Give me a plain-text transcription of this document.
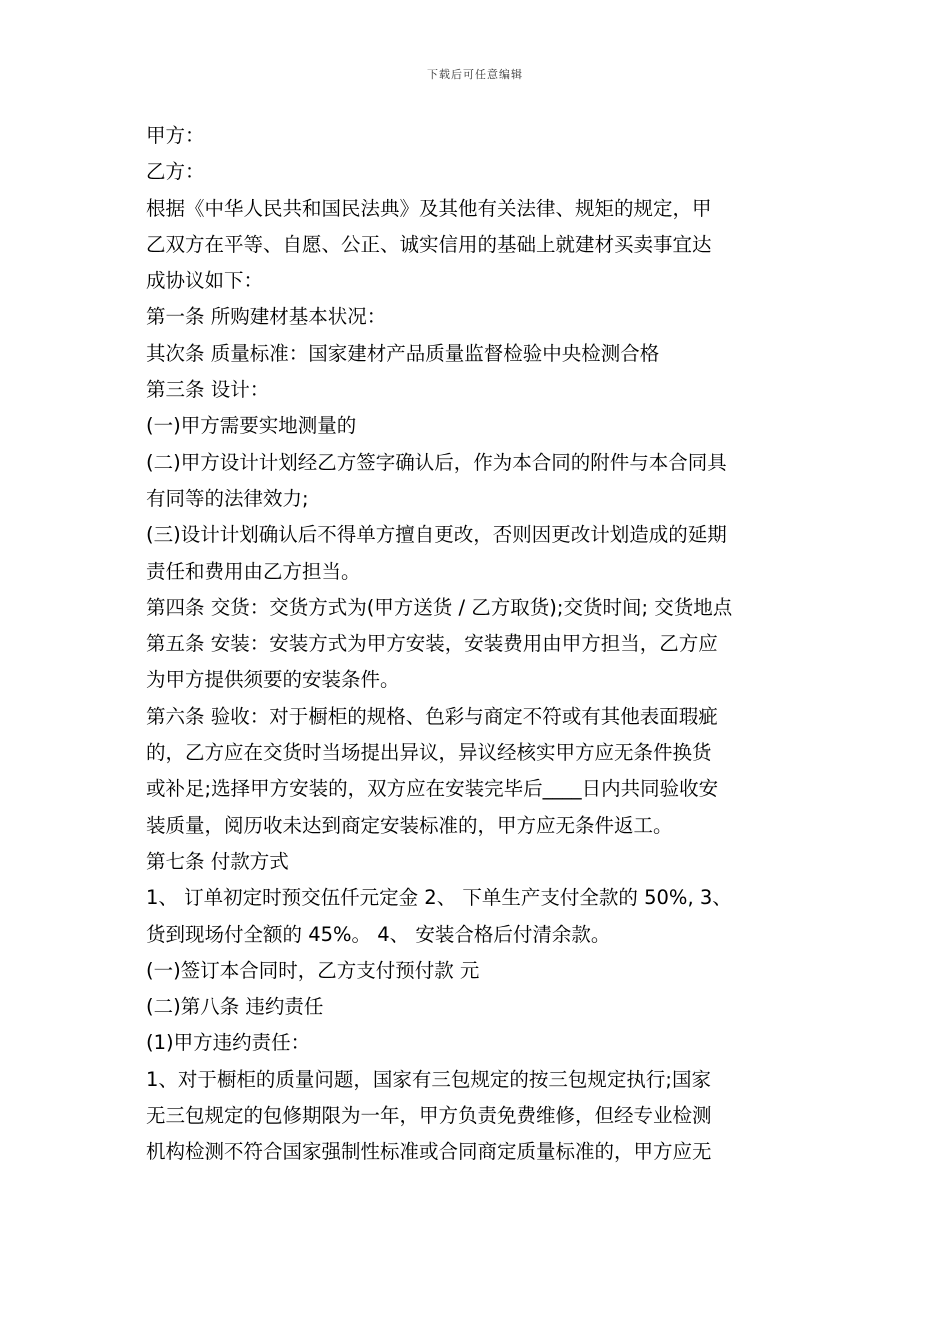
下载后可任意编辑
甲方：
乙方：
根据《中华人民共和国民法典》及其他有关法律、规矩的规定，甲
乙双方在平等、自愿、公正、诚实信用的基础上就建材买卖事宜达
成协议如下：
第一条 所购建材基本状况：
其次条 质量标准：国家建材产品质量监督检验中央检测合格
第三条 设计：
(一)甲方需要实地测量的
(二)甲方设计计划经乙方签字确认后，作为本合同的附件与本合同具
有同等的法律效力;
(三)设计计划确认后不得单方擅自更改，否则因更改计划造成的延期
责任和费用由乙方担当。
第四条 交货：交货方式为(甲方送货 / 乙方取货);交货时间; 交货地点
第五条 安装：安装方式为甲方安装，安装费用由甲方担当，乙方应
为甲方提供须要的安装条件。
第六条 验收：对于橱柜的规格、色彩与商定不符或有其他表面瑕疵
的，乙方应在交货时当场提出异议，异议经核实甲方应无条件换货
或补足;选择甲方安装的，双方应在安装完毕后____日内共同验收安
装质量，阅历收未达到商定安装标准的，甲方应无条件返工。
第七条 付款方式
1、 订单初定时预交伍仟元定金 2、 下单生产支付全款的 50%, 3、
货到现场付全额的 45%。 4、 安装合格后付清余款。
(一)签订本合同时，乙方支付预付款 元
(二)第八条 违约责任
(1)甲方违约责任：
1、对于橱柜的质量问题，国家有三包规定的按三包规定执行;国家
无三包规定的包修期限为一年，甲方负责免费维修，但经专业检测
机构检测不符合国家强制性标准或合同商定质量标准的，甲方应无
